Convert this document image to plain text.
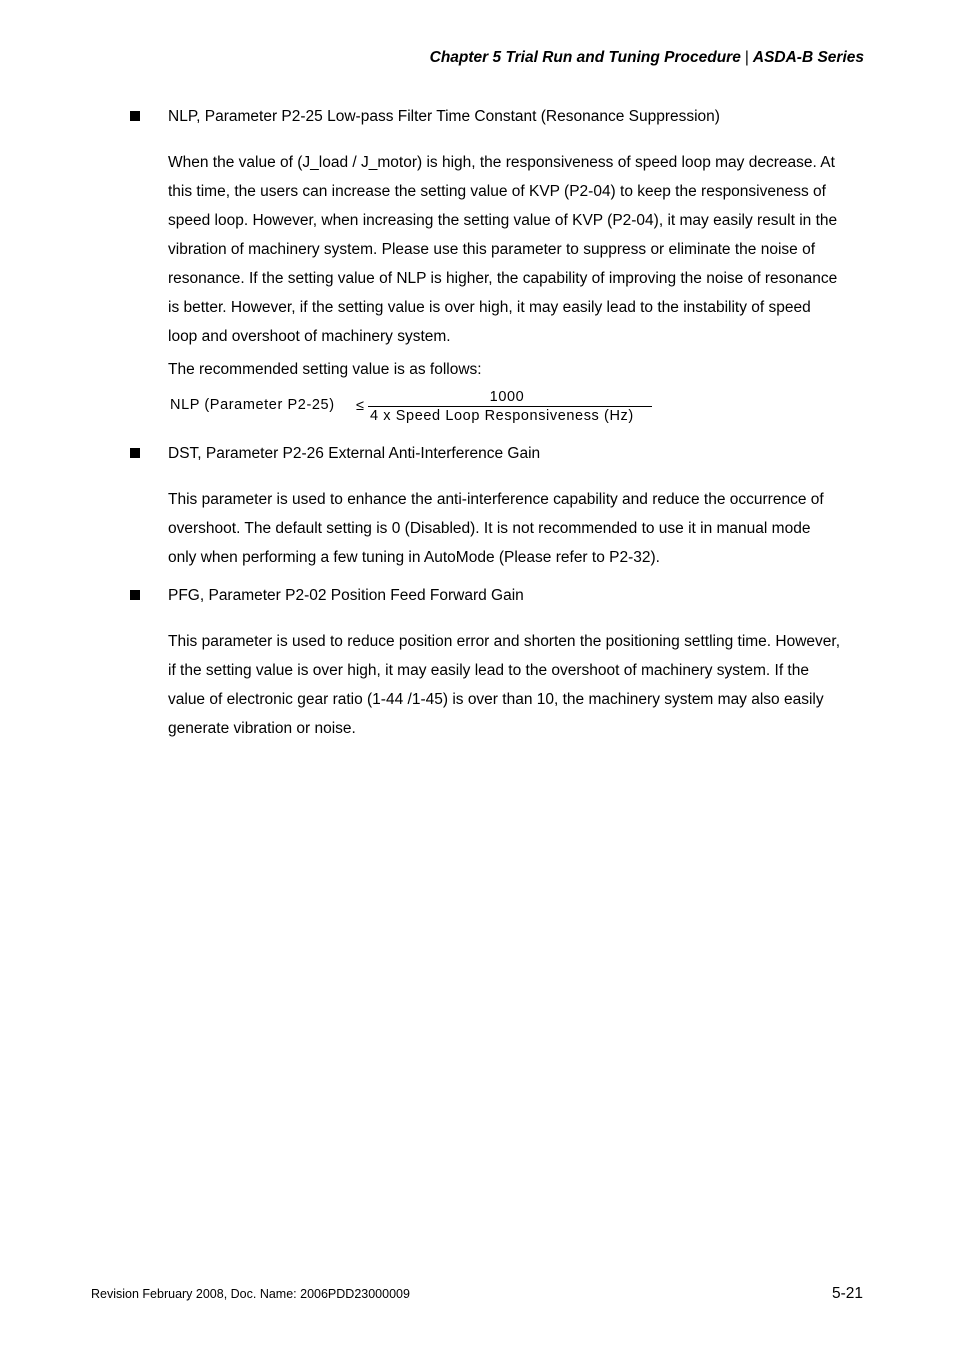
Chapter 5 Trial Run and Tuning Procedure | ASDA-B Series
NLP, Parameter P2-25 Low-pass Filter Time Constant (Resonance Suppression)
When the value of (J_load / J_motor) is high, the responsiveness of speed loop may decrease. At
this time, the users can increase the setting value of KVP (P2-04) to keep the responsiveness of
speed loop. However, when increasing the setting value of KVP (P2-04), it may easily result in the
vibration of machinery system. Please use this parameter to suppress or eliminate the noise of
resonance. If the setting value of NLP is higher, the capability of improving the noise of resonance
is better. However, if the setting value is over high, it may easily lead to the instability of speed
loop and overshoot of machinery system.
The recommended setting value is as follows:
NLP (Parameter P2-25) ≤
1000
4 x Speed Loop Responsiveness (Hz)
DST, Parameter P2-26 External Anti-Interference Gain
This parameter is used to enhance the anti-interference capability and reduce the occurrence of
overshoot. The default setting is 0 (Disabled). It is not recommended to use it in manual mode
only when performing a few tuning in AutoMode (Please refer to P2-32).
PFG, Parameter P2-02 Position Feed Forward Gain
This parameter is used to reduce position error and shorten the positioning settling time. However,
if the setting value is over high, it may easily lead to the overshoot of machinery system. If the
value of electronic gear ratio (1-44 /1-45) is over than 10, the machinery system may also easily
generate vibration or noise.
Revision February 2008, Doc. Name: 2006PDD23000009	5-21
